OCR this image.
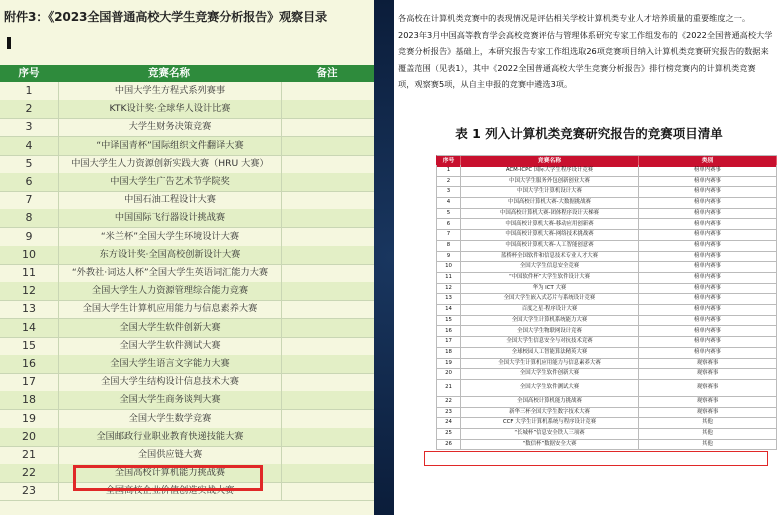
附件3：《2023全国普通高校大学生竞赛分析报告》观察目录
序号	竞赛名称	备注
1	中国大学生方程式系列赛事
2	KTK设计奖·全球华人设计比赛
3	大学生财务决策竞赛
4	“中译国青杯”国际组织文件翻译大赛
5	中国大学生人力资源创新实践大赛（HRU 大赛）
6	中国大学生广告艺术节学院奖
7	中国石油工程设计大赛
8	中国国际飞行器设计挑战赛
9	“米兰杯”全国大学生环境设计大赛
10	东方设计奖·全国高校创新设计大赛
11	“外教社·词达人杯”全国大学生英语词汇能力大赛
12	全国大学生人力资源管理综合能力竞赛
13	全国大学生计算机应用能力与信息素养大赛
14	全国大学生软件创新大赛
15	全国大学生软件测试大赛
16	全国大学生语言文字能力大赛
17	全国大学生结构设计信息技术大赛
18	全国大学生商务谈判大赛
19	全国大学生数学竞赛
20	全国邮政行业职业教育快递技能大赛
21	全国供应链大赛
22	全国高校计算机能力挑战赛
23	全国高校企业价值创造实战大赛

各高校在计算机类竞赛中的表现情况是评估相关学校计算机类专业人才培养质量的重要维度之一。

2023年3月中国高等教育学会高校竞赛评估与管理体系研究专家工作组发布的《2022全国普通高校大学

竞赛分析报告》基础上，本研究报告专家工作组选取26项竞赛项目纳入计算机类竞赛研究报告的数据来

覆盖范围（见表1），其中《2022全国普通高校大学生竞赛分析报告》排行榜竞赛内的计算机类竞赛

项，观察赛5项，从自主申报的竞赛中遴选3项。

表 1 列入计算机类竞赛研究报告的竞赛项目清单
序号	竞赛名称	类别
1	ACM-ICPC 国际大学生程序设计竞赛	榜单内赛事
2	中国大学生服务外包创新创业大赛	榜单内赛事
3	中国大学生计算机设计大赛	榜单内赛事
4	中国高校计算机大赛-大数据挑战赛	榜单内赛事
5	中国高校计算机大赛-团体程序设计天梯赛	榜单内赛事
6	中国高校计算机大赛-移动应用创新赛	榜单内赛事
7	中国高校计算机大赛-网络技术挑战赛	榜单内赛事
8	中国高校计算机大赛-人工智能创意赛	榜单内赛事
9	蓝桥杯全国软件和信息技术专业人才大赛	榜单内赛事
10	全国大学生信息安全竞赛	榜单内赛事
11	“中国软件杯”大学生软件设计大赛	榜单内赛事
12	华为 ICT 大赛	榜单内赛事
13	全国大学生嵌入式芯片与系统设计竞赛	榜单内赛事
14	百度之星·程序设计大赛	榜单内赛事
15	全国大学生计算机系统能力大赛	榜单内赛事
16	全国大学生物联网设计竞赛	榜单内赛事
17	全国大学生信息安全与对抗技术竞赛	榜单内赛事
18	全球校园人工智能算法精英大赛	榜单内赛事
19	全国大学生计算机应用能力与信息素养大赛	观察赛事
20	全国大学生软件创新大赛	观察赛事
21	全国大学生软件测试大赛	观察赛事
22	全国高校计算机能力挑战赛	观察赛事
23	新华三杯全国大学生数字技术大赛	观察赛事
24	CCF 大学生计算机系统与程序设计竞赛	其他
25	“长城杯”信息安全铁人三项赛	其他
26	“数信杯”数据安全大赛	其他
